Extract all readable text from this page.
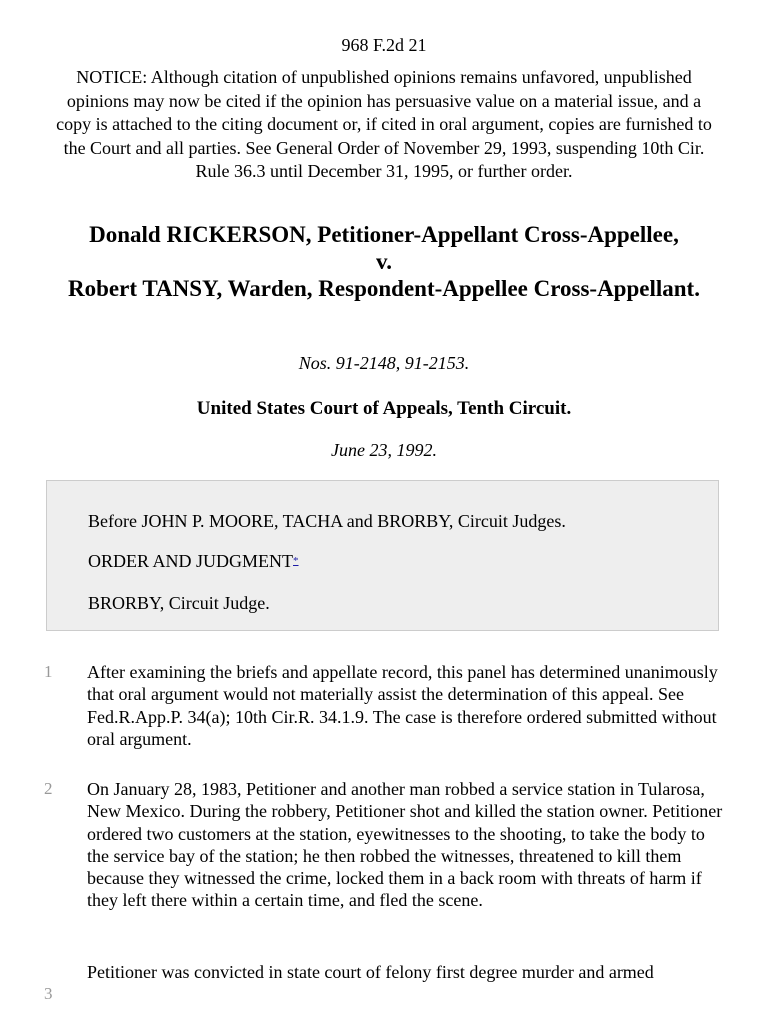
968 F.2d 21
NOTICE: Although citation of unpublished opinions remains unfavored, unpublished opinions may now be cited if the opinion has persuasive value on a material issue, and a copy is attached to the citing document or, if cited in oral argument, copies are furnished to the Court and all parties. See General Order of November 29, 1993, suspending 10th Cir. Rule 36.3 until December 31, 1995, or further order.
Donald RICKERSON, Petitioner-Appellant Cross-Appellee,
v.
Robert TANSY, Warden, Respondent-Appellee Cross-Appellant.
Nos. 91-2148, 91-2153.
United States Court of Appeals, Tenth Circuit.
June 23, 1992.
Before JOHN P. MOORE, TACHA and BRORBY, Circuit Judges.
ORDER AND JUDGMENT*
BRORBY, Circuit Judge.
1	After examining the briefs and appellate record, this panel has determined unanimously that oral argument would not materially assist the determination of this appeal. See Fed.R.App.P. 34(a); 10th Cir.R. 34.1.9. The case is therefore ordered submitted without oral argument.
2	On January 28, 1983, Petitioner and another man robbed a service station in Tularosa, New Mexico. During the robbery, Petitioner shot and killed the station owner. Petitioner ordered two customers at the station, eyewitnesses to the shooting, to take the body to the service bay of the station; he then robbed the witnesses, threatened to kill them because they witnessed the crime, locked them in a back room with threats of harm if they left there within a certain time, and fled the scene.
3
Petitioner was convicted in state court of felony first degree murder and armed
